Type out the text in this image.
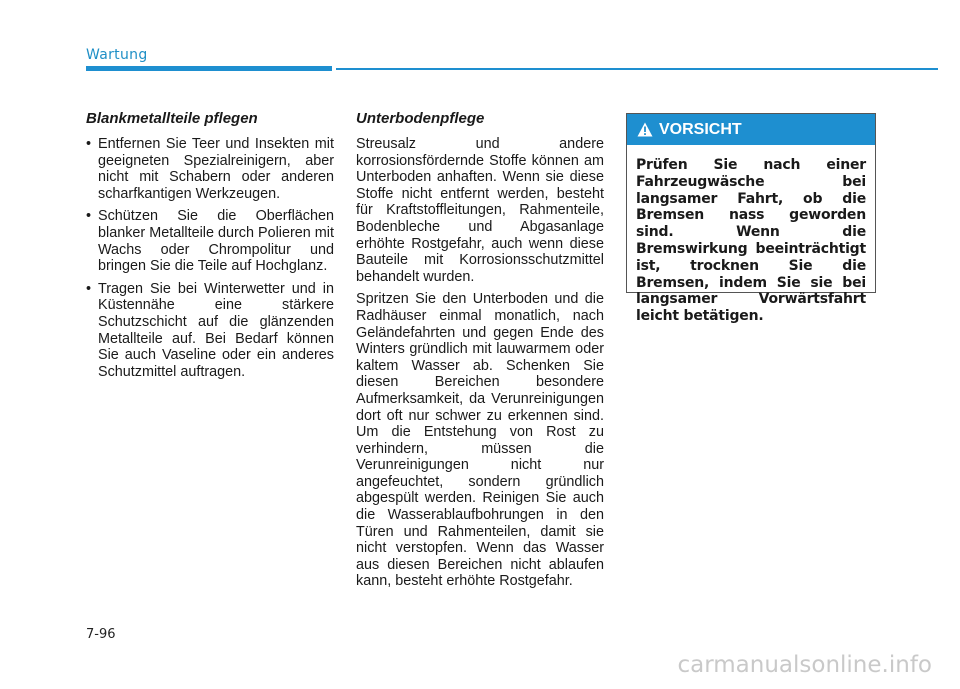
Wartung
Blankmetallteile pflegen
• Entfernen Sie Teer und Insekten mit geeigneten Spezialreinigern, aber nicht mit Schabern oder anderen scharfkantigen Werkzeugen.
• Schützen Sie die Oberflächen blanker Metallteile durch Polieren mit Wachs oder Chrompolitur und bringen Sie die Teile auf Hochglanz.
• Tragen Sie bei Winterwetter und in Küstennähe eine stärkere Schutzschicht auf die glänzenden Metallteile auf. Bei Bedarf können Sie auch Vaseline oder ein anderes Schutzmittel auftragen.
Unterbodenpflege

Streusalz und andere korrosionsfördernde Stoffe können am Unterboden anhaften. Wenn sie diese Stoffe nicht entfernt werden, besteht für Kraftstoffleitungen, Rahmenteile, Bodenbleche und Abgasanlage erhöhte Rostgefahr, auch wenn diese Bauteile mit Korrosionsschutzmittel behandelt wurden.

Spritzen Sie den Unterboden und die Radhäuser einmal monatlich, nach Geländefahrten und gegen Ende des Winters gründlich mit lauwarmem oder kaltem Wasser ab. Schenken Sie diesen Bereichen besondere Aufmerksamkeit, da Verunreinigungen dort oft nur schwer zu erkennen sind. Um die Entstehung von Rost zu verhindern, müssen die Verunreinigungen nicht nur angefeuchtet, sondern gründlich abgespült werden. Reinigen Sie auch die Wasserablaufbohrungen in den Türen und Rahmenteilen, damit sie nicht verstopfen. Wenn das Wasser aus diesen Bereichen nicht ablaufen kann, besteht erhöhte Rostgefahr.

VORSICHT
Prüfen Sie nach einer Fahrzeugwäsche bei langsamer Fahrt, ob die Bremsen nass geworden sind. Wenn die Bremswirkung beeinträchtigt ist, trocknen Sie die Bremsen, indem Sie sie bei langsamer Vorwärtsfahrt leicht betätigen.
7-96
carmanualsonline.info
